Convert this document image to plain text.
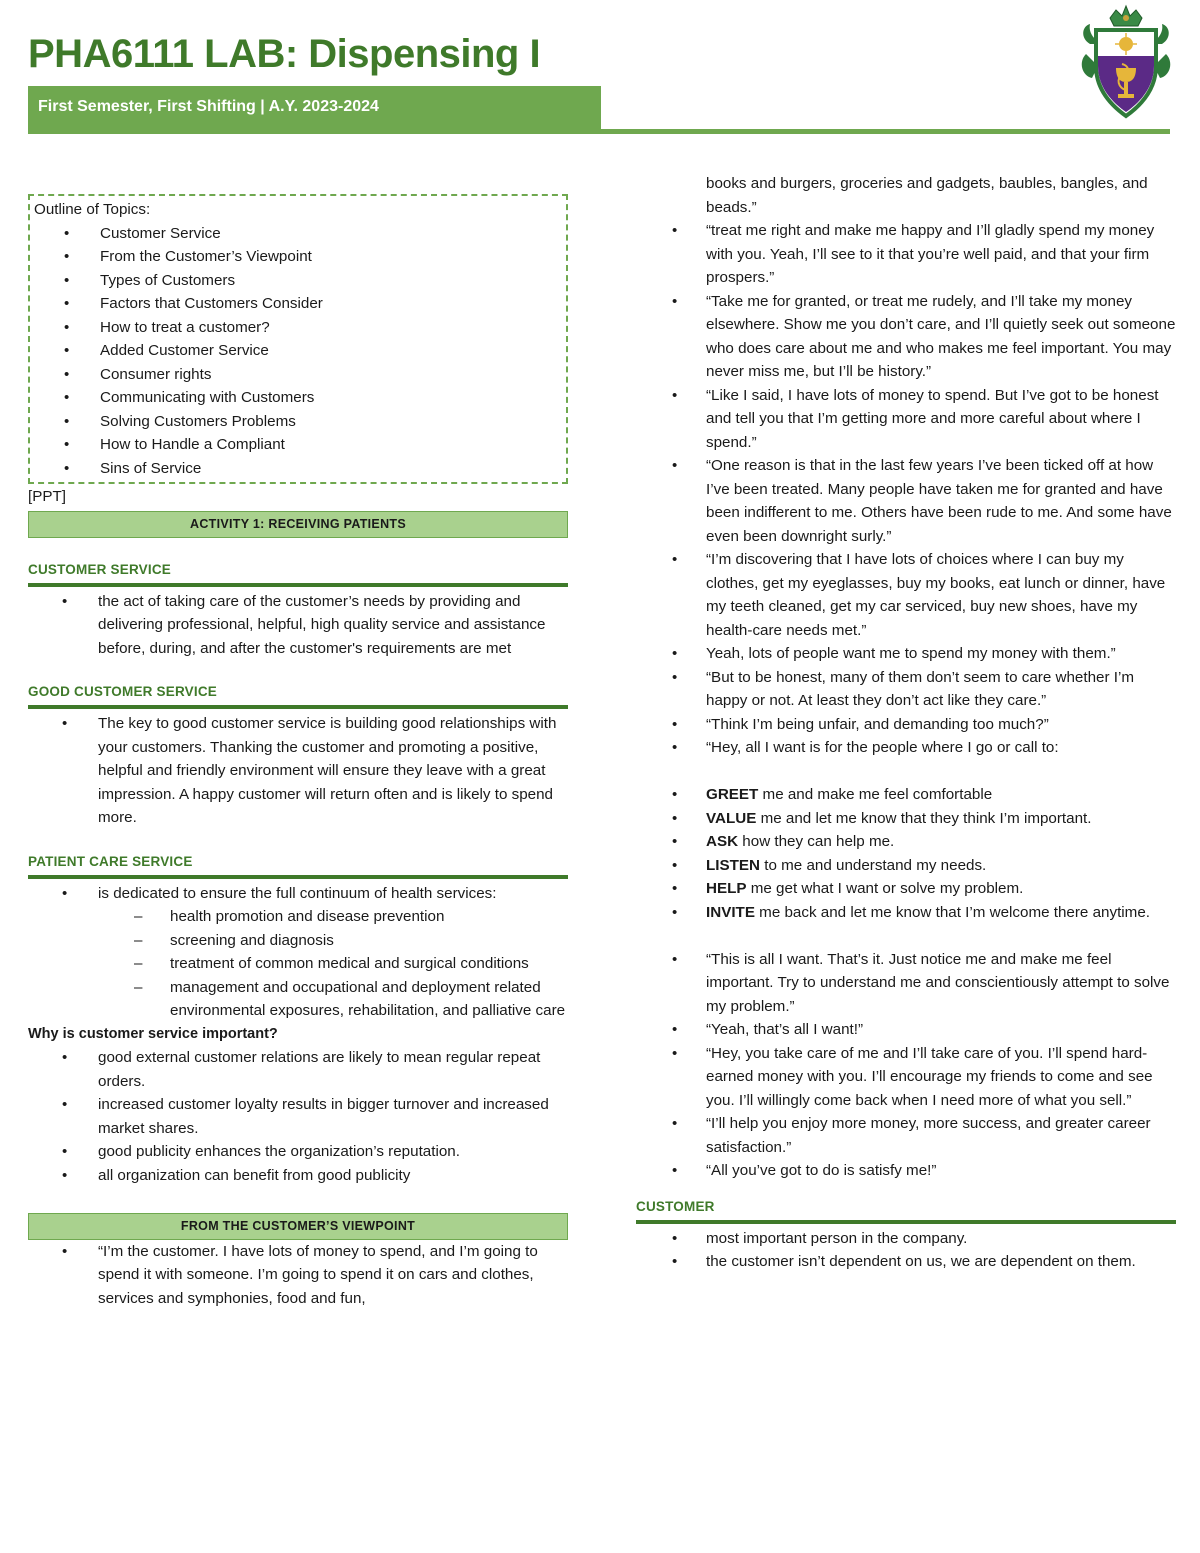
PHA6111 LAB: Dispensing I
First Semester, First Shifting | A.Y. 2023-2024
Outline of Topics:
• Customer Service
• From the Customer’s Viewpoint
• Types of Customers
• Factors that Customers Consider
• How to treat a customer?
• Added Customer Service
• Consumer rights
• Communicating with Customers
• Solving Customers Problems
• How to Handle a Compliant
• Sins of Service
[PPT]
ACTIVITY 1: RECEIVING PATIENTS
CUSTOMER SERVICE
• the act of taking care of the customer’s needs by providing and delivering professional, helpful, high quality service and assistance before, during, and after the customer's requirements are met
GOOD CUSTOMER SERVICE
• The key to good customer service is building good relationships with your customers. Thanking the customer and promoting a positive, helpful and friendly environment will ensure they leave with a great impression. A happy customer will return often and is likely to spend more.
PATIENT CARE SERVICE
• is dedicated to ensure the full continuum of health services:
– health promotion and disease prevention
– screening and diagnosis
– treatment of common medical and surgical conditions
– management and occupational and deployment related environmental exposures, rehabilitation, and palliative care
Why is customer service important?
• good external customer relations are likely to mean regular repeat orders.
• increased customer loyalty results in bigger turnover and increased market shares.
• good publicity enhances the organization’s reputation.
• all organization can benefit from good publicity
FROM THE CUSTOMER’S VIEWPOINT
• “I’m the customer. I have lots of money to spend, and I’m going to spend it with someone. I’m going to spend it on cars and clothes, services and symphonies, food and fun,
books and burgers, groceries and gadgets, baubles, bangles, and beads.”
• “treat me right and make me happy and I’ll gladly spend my money with you. Yeah, I’ll see to it that you’re well paid, and that your firm prospers.”
• “Take me for granted, or treat me rudely, and I’ll take my money elsewhere. Show me you don’t care, and I’ll quietly seek out someone who does care about me and who makes me feel important. You may never miss me, but I’ll be history.”
• “Like I said, I have lots of money to spend. But I’ve got to be honest and tell you that I’m getting more and more careful about where I spend.”
• “One reason is that in the last few years I’ve been ticked off at how I’ve been treated. Many people have taken me for granted and have been indifferent to me. Others have been rude to me. And some have even been downright surly.”
• “I’m discovering that I have lots of choices where I can buy my clothes, get my eyeglasses, buy my books, eat lunch or dinner, have my teeth cleaned, get my car serviced, buy new shoes, have my health-care needs met.”
• Yeah, lots of people want me to spend my money with them.”
• “But to be honest, many of them don’t seem to care whether I’m happy or not. At least they don’t act like they care.”
• “Think I’m being unfair, and demanding too much?”
• “Hey, all I want is for the people where I go or call to:
• GREET me and make me feel comfortable
• VALUE me and let me know that they think I’m important.
• ASK how they can help me.
• LISTEN to me and understand my needs.
• HELP me get what I want or solve my problem.
• INVITE me back and let me know that I’m welcome there anytime.
• “This is all I want. That’s it. Just notice me and make me feel important. Try to understand me and conscientiously attempt to solve my problem.”
• “Yeah, that’s all I want!”
• “Hey, you take care of me and I’ll take care of you. I’ll spend hard-earned money with you. I’ll encourage my friends to come and see you. I’ll willingly come back when I need more of what you sell.”
• “I’ll help you enjoy more money, more success, and greater career satisfaction.”
• “All you’ve got to do is satisfy me!”
CUSTOMER
• most important person in the company.
• the customer isn’t dependent on us, we are dependent on them.
